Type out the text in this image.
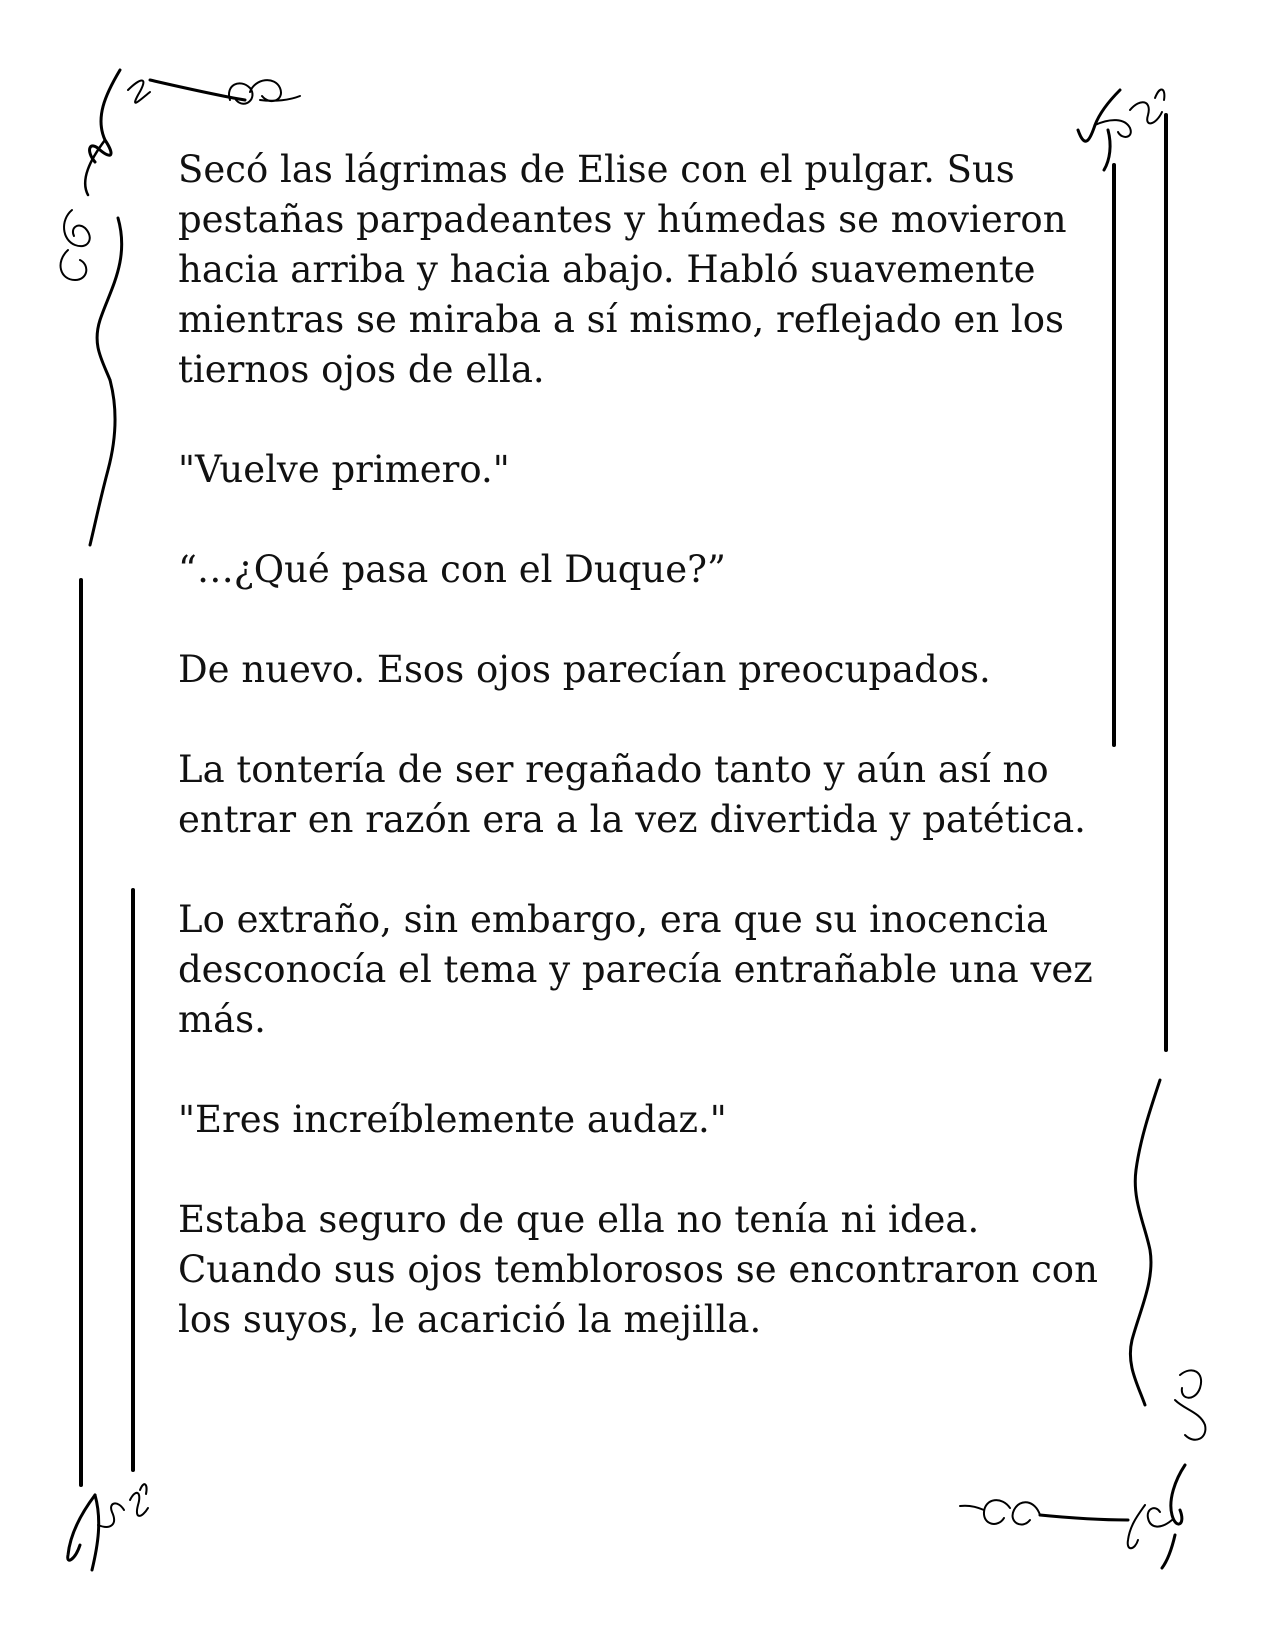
Secó las lágrimas de Elise con el pulgar. Sus pestañas parpadeantes y húmedas se movieron hacia arriba y hacia abajo. Habló suavemente mientras se miraba a sí mismo, reflejado en los tiernos ojos de ella.

"Vuelve primero."

“…¿Qué pasa con el Duque?”

De nuevo. Esos ojos parecían preocupados.

La tontería de ser regañado tanto y aún así no entrar en razón era a la vez divertida y patética.

Lo extraño, sin embargo, era que su inocencia desconocía el tema y parecía entrañable una vez más.

"Eres increíblemente audaz."

Estaba seguro de que ella no tenía ni idea. Cuando sus ojos temblorosos se encontraron con los suyos, le acarició la mejilla.
